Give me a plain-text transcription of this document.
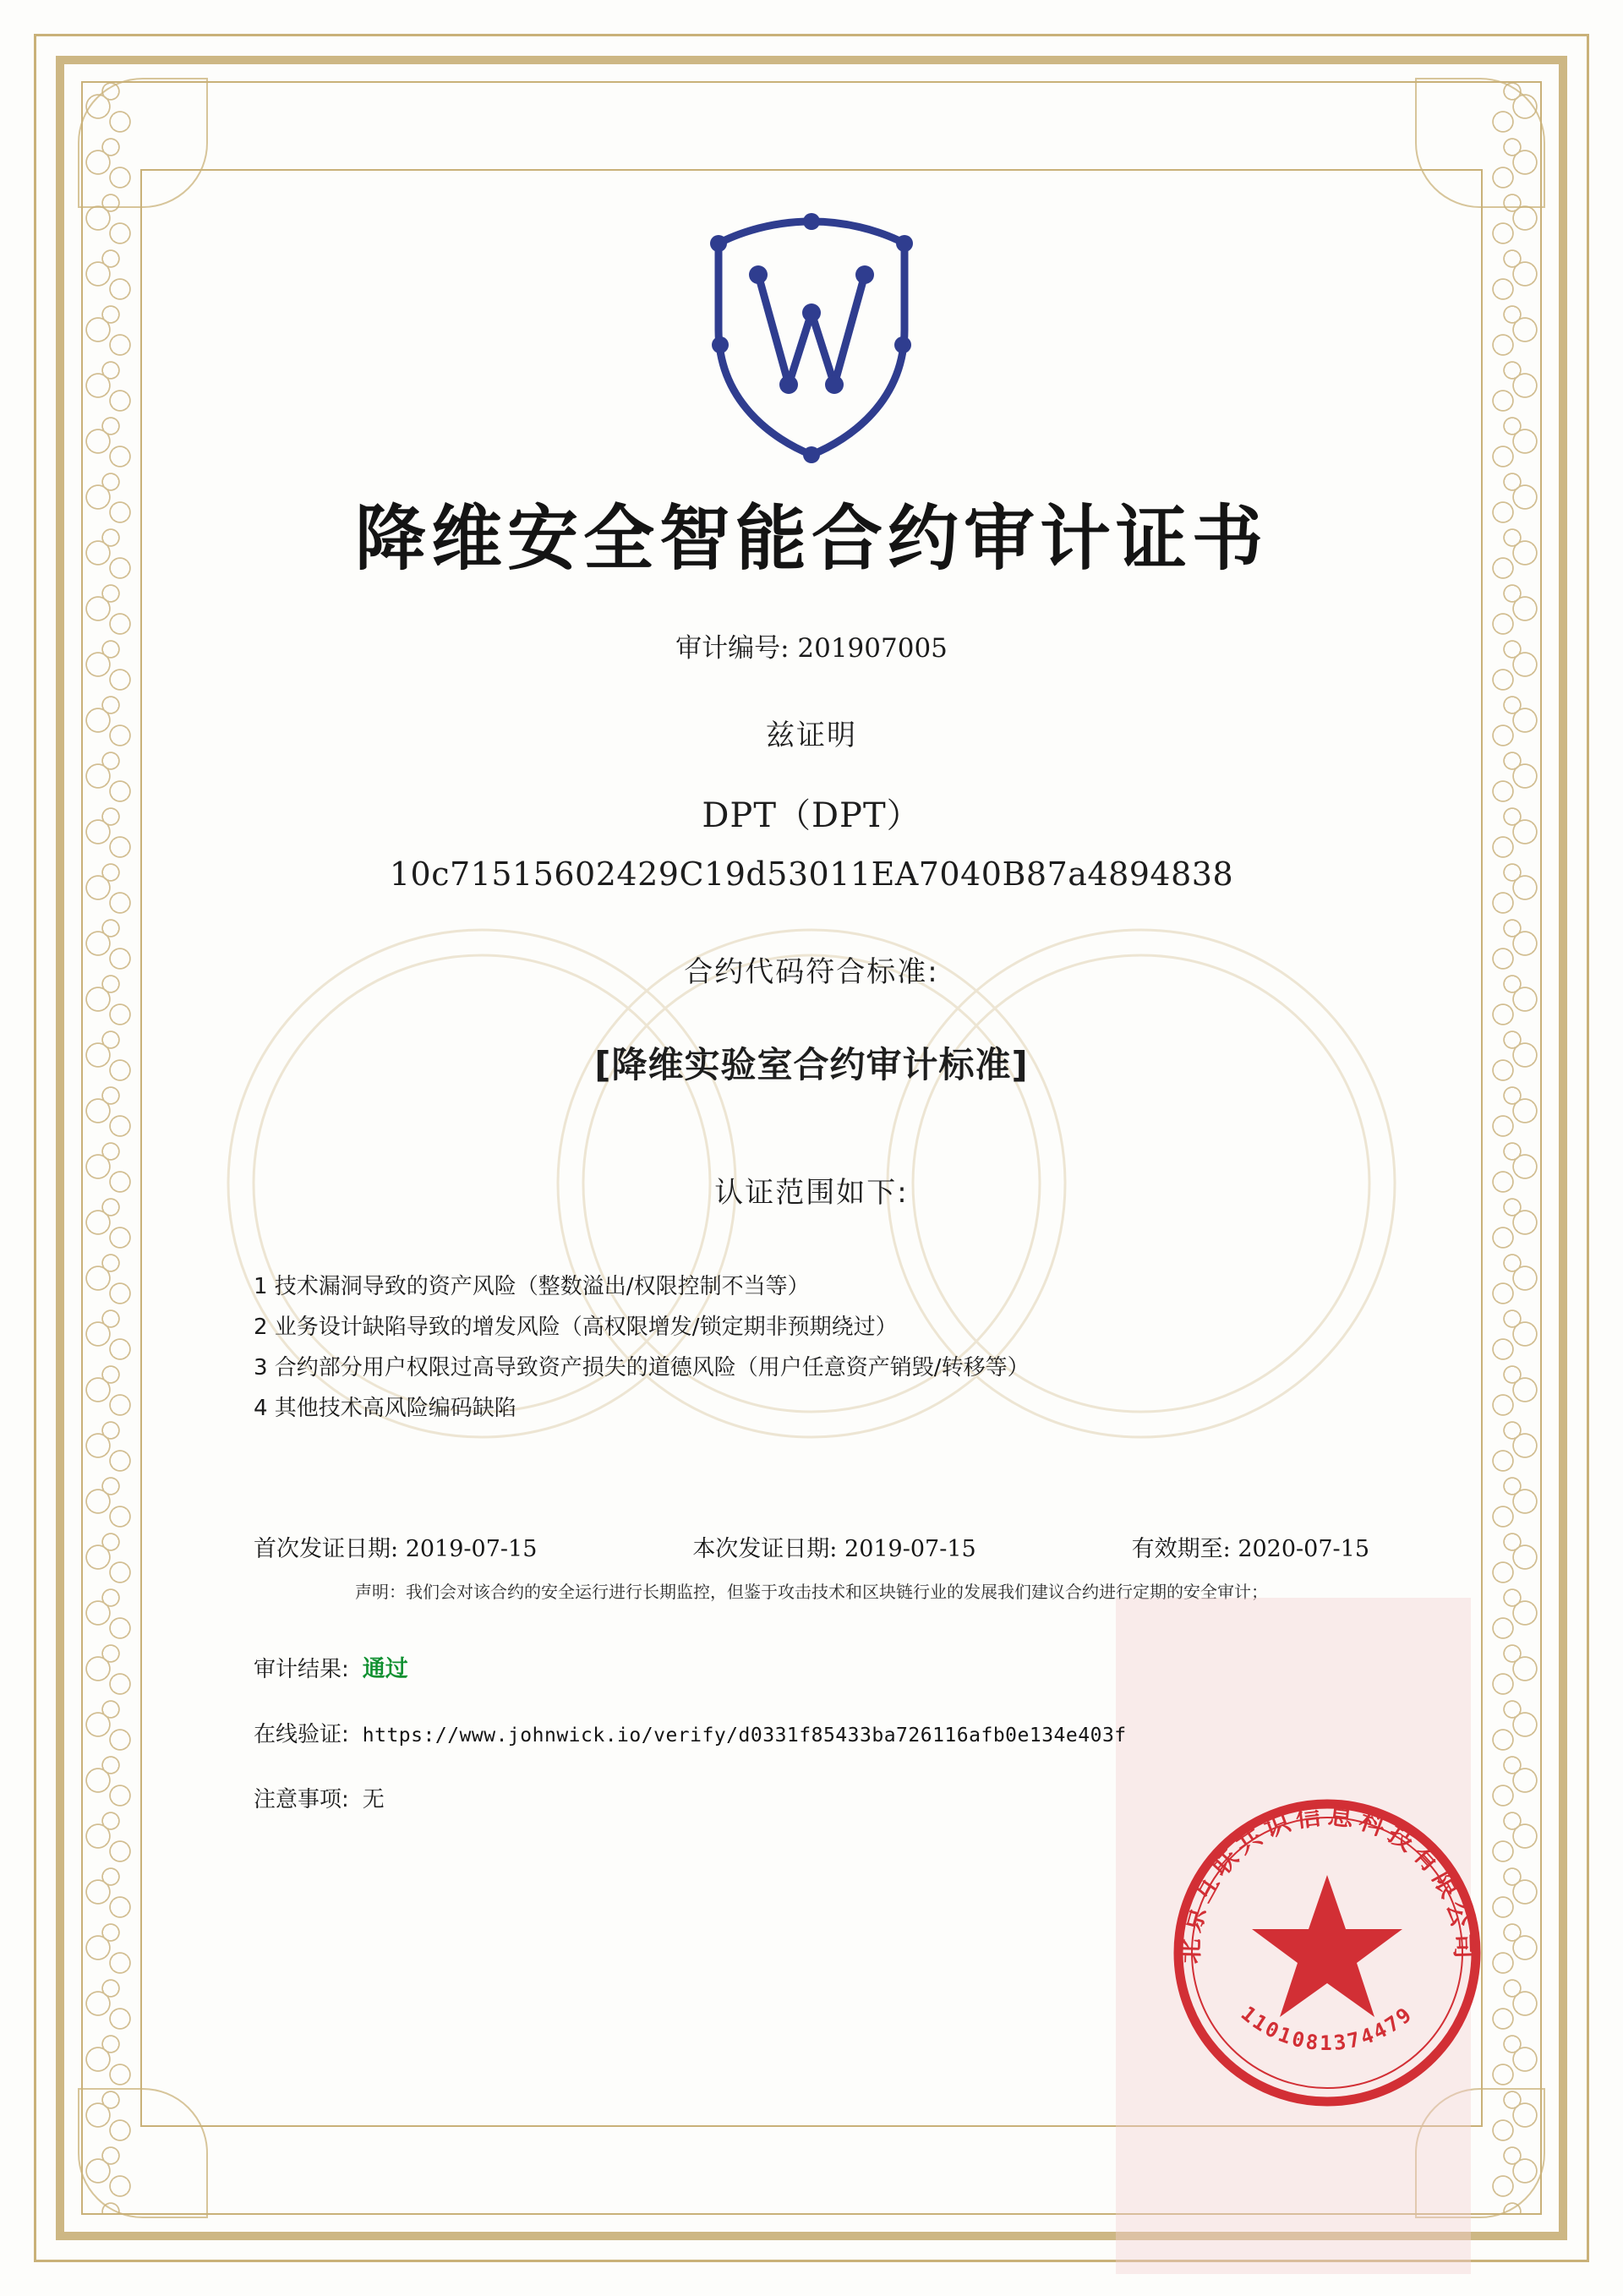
降维安全智能合约审计证书
审计编号: 201907005
兹证明
DPT（DPT）
10c71515602429C19d53011EA7040B87a4894838
合约代码符合标准:
[降维实验室合约审计标准]
认证范围如下:
1 技术漏洞导致的资产风险（整数溢出/权限控制不当等）
2 业务设计缺陷导致的增发风险（高权限增发/锁定期非预期绕过）
3 合约部分用户权限过高导致资产损失的道德风险（用户任意资产销毁/转移等）
4 其他技术高风险编码缺陷
首次发证日期: 2019-07-15	本次发证日期: 2019-07-15	有效期至: 2020-07-15
声明：我们会对该合约的安全运行进行长期监控，但鉴于攻击技术和区块链行业的发展我们建议合约进行定期的安全审计；
审计结果: 通过
在线验证: https://www.johnwick.io/verify/d0331f85433ba726116afb0e134e403f
注意事项: 无
北京互联共识信息科技有限公司
1101081374479
